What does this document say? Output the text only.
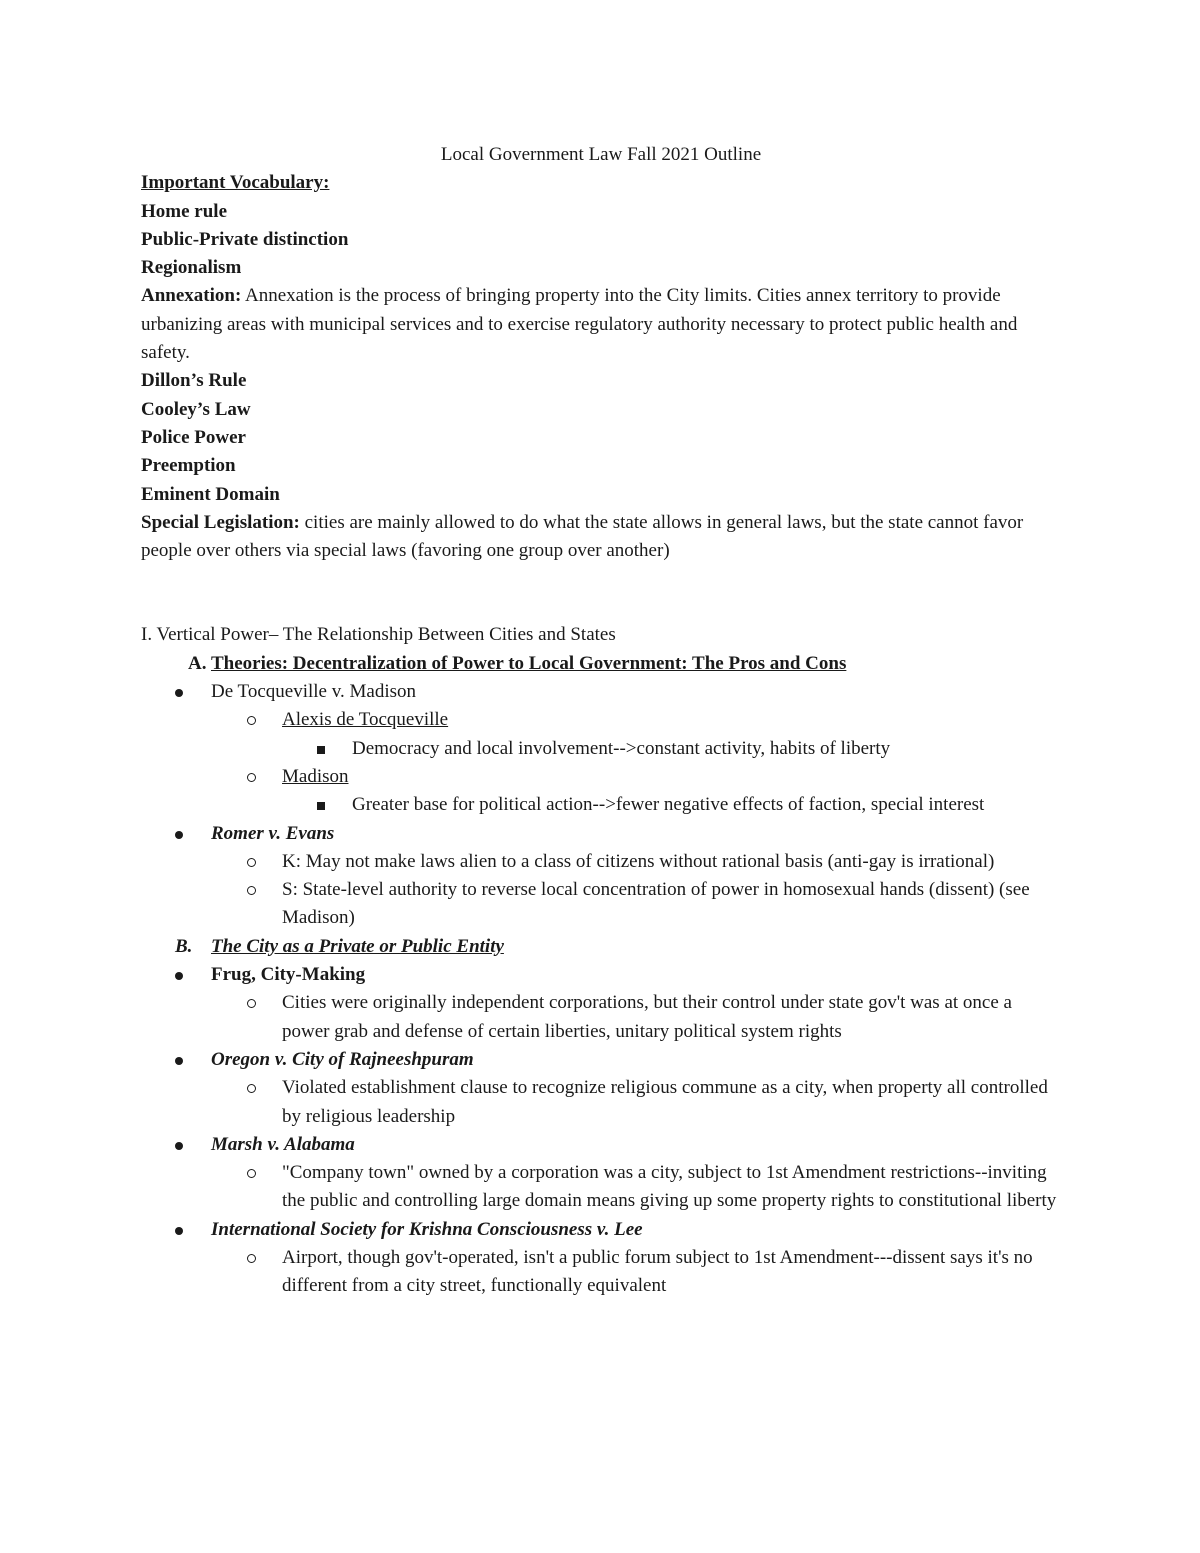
Local Government Law Fall 2021 Outline

Important Vocabulary:

Home rule

Public-Private distinction

Regionalism

Annexation: Annexation is the process of bringing property into the City limits. Cities annex territory to provide urbanizing areas with municipal services and to exercise regulatory authority necessary to protect public health and safety.

Dillon’s Rule

Cooley’s Law

Police Power

Preemption

Eminent Domain

Special Legislation: cities are mainly allowed to do what the state allows in general laws, but the state cannot favor people over others via special laws (favoring one group over another)

I. Vertical Power– The Relationship Between Cities and States

A. Theories: Decentralization of Power to Local Government: The Pros and Cons
De Tocqueville v. Madison
Alexis de Tocqueville
Democracy and local involvement-->constant activity, habits of liberty
Madison
Greater base for political action-->fewer negative effects of faction, special interest
Romer v. Evans
K: May not make laws alien to a class of citizens without rational basis (anti-gay is irrational)
S: State-level authority to reverse local concentration of power in homosexual hands (dissent) (see Madison)
B. The City as a Private or Public Entity
Frug, City-Making
Cities were originally independent corporations, but their control under state gov't was at once a power grab and defense of certain liberties, unitary political system rights
Oregon v. City of Rajneeshpuram
Violated establishment clause to recognize religious commune as a city, when property all controlled by religious leadership
Marsh v. Alabama
"Company town" owned by a corporation was a city, subject to 1st Amendment restrictions--inviting the public and controlling large domain means giving up some property rights to constitutional liberty
International Society for Krishna Consciousness v. Lee
Airport, though gov't-operated, isn't a public forum subject to 1st Amendment---dissent says it's no different from a city street, functionally equivalent
